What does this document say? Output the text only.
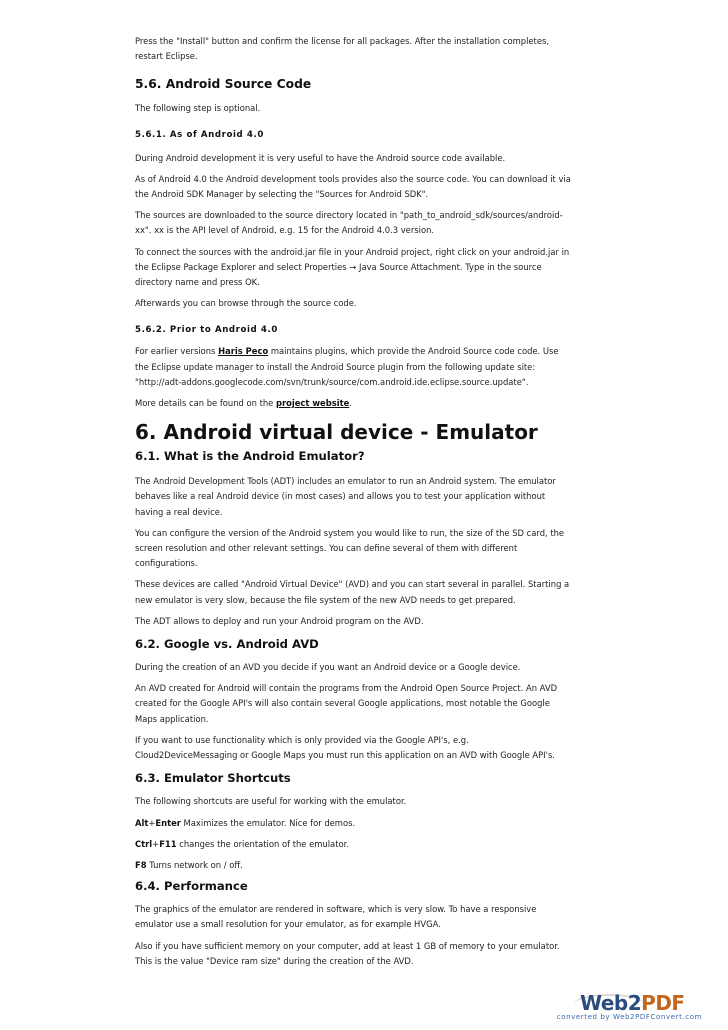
Press the "Install" button and confirm the license for all packages. After the installation completes, restart Eclipse.

5.6. Android Source Code

The following step is optional.

5.6.1. As of Android 4.0

During Android development it is very useful to have the Android source code available.

As of Android 4.0 the Android development tools provides also the source code. You can download it via the Android SDK Manager by selecting the "Sources for Android SDK".

The sources are downloaded to the source directory located in "path_to_android_sdk/sources/android-xx". xx is the API level of Android, e.g. 15 for the Android 4.0.3 version.

To connect the sources with the android.jar file in your Android project, right click on your android.jar in the Eclipse Package Explorer and select Properties → Java Source Attachment. Type in the source directory name and press OK.

Afterwards you can browse through the source code.

5.6.2. Prior to Android 4.0

For earlier versions Haris Peco maintains plugins, which provide the Android Source code code. Use the Eclipse update manager to install the Android Source plugin from the following update site: "http://adt-addons.googlecode.com/svn/trunk/source/com.android.ide.eclipse.source.update".

More details can be found on the project website.

6. Android virtual device - Emulator
6.1. What is the Android Emulator?

The Android Development Tools (ADT) includes an emulator to run an Android system. The emulator behaves like a real Android device (in most cases) and allows you to test your application without having a real device.

You can configure the version of the Android system you would like to run, the size of the SD card, the screen resolution and other relevant settings. You can define several of them with different configurations.

These devices are called "Android Virtual Device" (AVD) and you can start several in parallel. Starting a new emulator is very slow, because the file system of the new AVD needs to get prepared.

The ADT allows to deploy and run your Android program on the AVD.

6.2. Google vs. Android AVD

During the creation of an AVD you decide if you want an Android device or a Google device.

An AVD created for Android will contain the programs from the Android Open Source Project. An AVD created for the Google API's will also contain several Google applications, most notable the Google Maps application.

If you want to use functionality which is only provided via the Google API's, e.g. Cloud2DeviceMessaging or Google Maps you must run this application on an AVD with Google API's.

6.3. Emulator Shortcuts

The following shortcuts are useful for working with the emulator.

Alt+Enter Maximizes the emulator. Nice for demos.

Ctrl+F11 changes the orientation of the emulator.

F8 Turns network on / off.

6.4. Performance

The graphics of the emulator are rendered in software, which is very slow. To have a responsive emulator use a small resolution for your emulator, as for example HVGA.

Also if you have sufficient memory on your computer, add at least 1 GB of memory to your emulator. This is the value "Device ram size" during the creation of the AVD.

Web2PDF
converted by Web2PDFConvert.com
